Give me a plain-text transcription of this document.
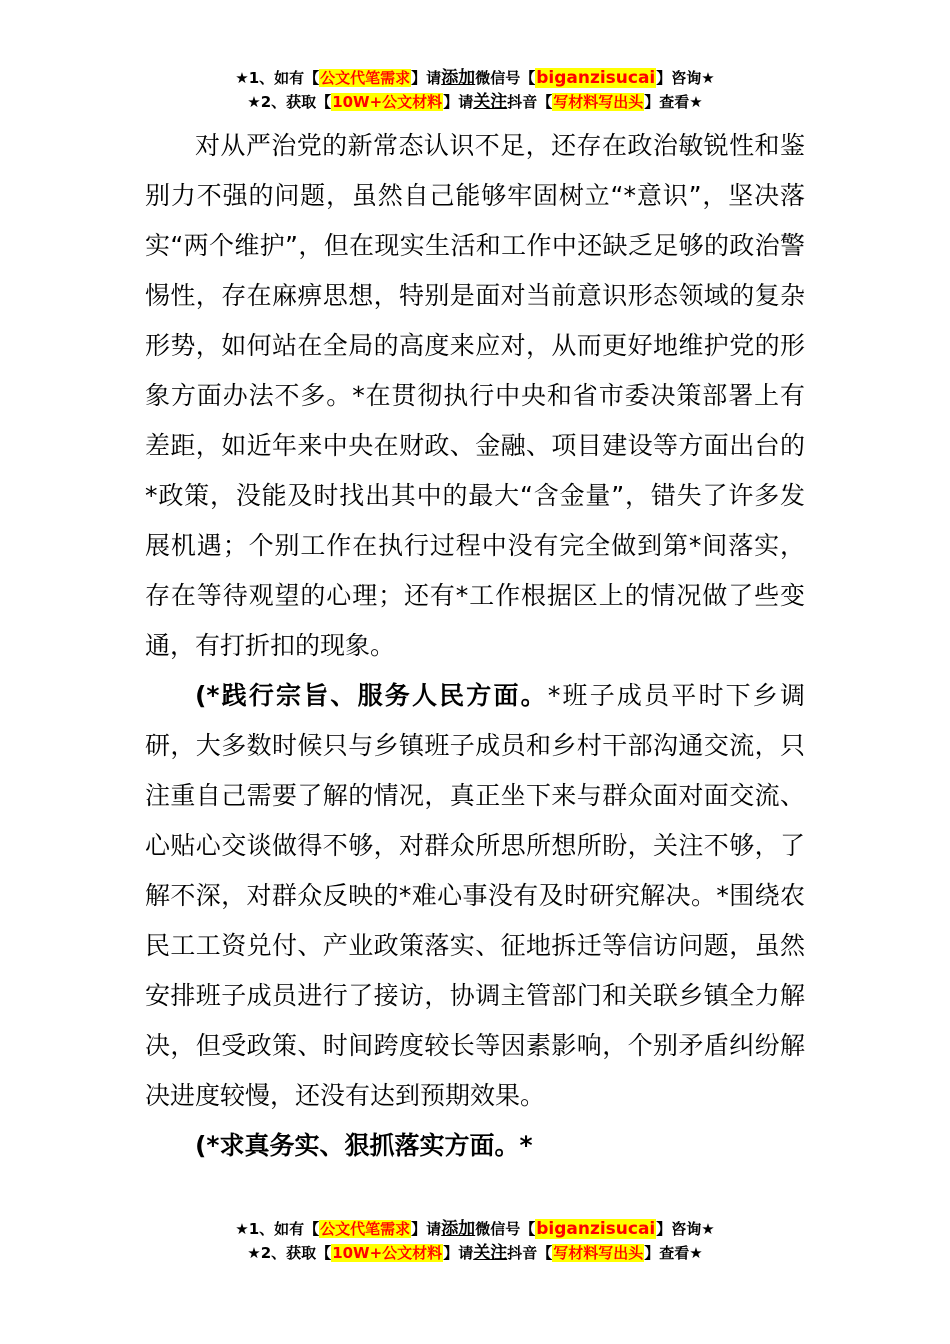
★1、如有【公文代笔需求】请添加微信号【biganzisucai】咨询★
★2、获取【10W+公文材料】请关注抖音【写材料写出头】查看★

对从严治党的新常态认识不足，还存在政治敏锐性和鉴别力不强的问题，虽然自己能够牢固树立“*意识”，坚决落实“两个维护”，但在现实生活和工作中还缺乏足够的政治警惕性，存在麻痹思想，特别是面对当前意识形态领域的复杂形势，如何站在全局的高度来应对，从而更好地维护党的形象方面办法不多。*在贯彻执行中央和省市委决策部署上有差距，如近年来中央在财政、金融、项目建设等方面出台的*政策，没能及时找出其中的最大“含金量”，错失了许多发展机遇；个别工作在执行过程中没有完全做到第*间落实，存在等待观望的心理；还有*工作根据区上的情况做了些变通，有打折扣的现象。

(*践行宗旨、服务人民方面。*班子成员平时下乡调研，大多数时候只与乡镇班子成员和乡村干部沟通交流，只注重自己需要了解的情况，真正坐下来与群众面对面交流、心贴心交谈做得不够，对群众所思所想所盼，关注不够，了解不深，对群众反映的*难心事没有及时研究解决。*围绕农民工工资兑付、产业政策落实、征地拆迁等信访问题，虽然安排班子成员进行了接访，协调主管部门和关联乡镇全力解决，但受政策、时间跨度较长等因素影响，个别矛盾纠纷解决进度较慢，还没有达到预期效果。

(*求真务实、狠抓落实方面。*

★1、如有【公文代笔需求】请添加微信号【biganzisucai】咨询★
★2、获取【10W+公文材料】请关注抖音【写材料写出头】查看★
